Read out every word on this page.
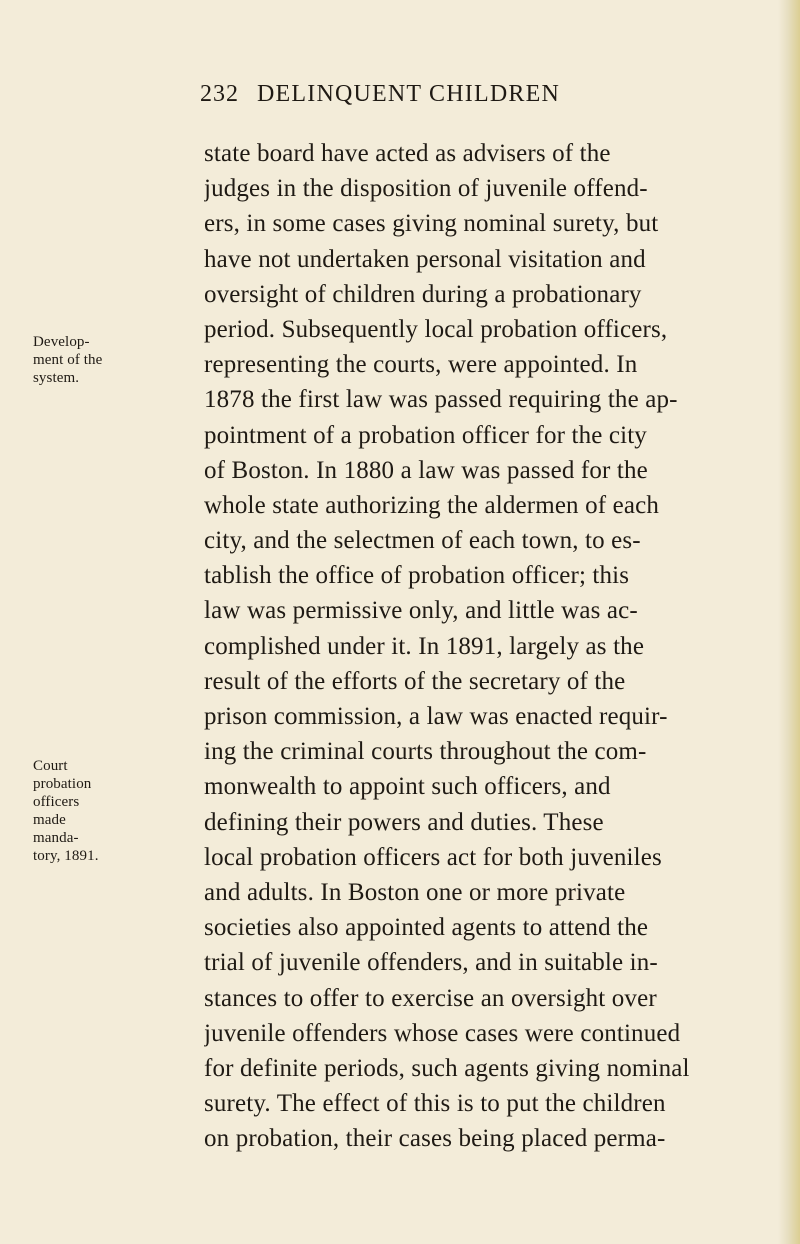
232 DELINQUENT CHILDREN
Develop-
ment of the
system.
Court
probation
officers
made
manda-
tory, 1891.
state board have acted as advisers of the
judges in the disposition of juvenile offend-
ers, in some cases giving nominal surety, but
have not undertaken personal visitation and
oversight of children during a probationary
period. Subsequently local probation officers,
representing the courts, were appointed. In
1878 the first law was passed requiring the ap-
pointment of a probation officer for the city
of Boston. In 1880 a law was passed for the
whole state authorizing the aldermen of each
city, and the selectmen of each town, to es-
tablish the office of probation officer; this
law was permissive only, and little was ac-
complished under it. In 1891, largely as the
result of the efforts of the secretary of the
prison commission, a law was enacted requir-
ing the criminal courts throughout the com-
monwealth to appoint such officers, and
defining their powers and duties. These
local probation officers act for both juveniles
and adults. In Boston one or more private
societies also appointed agents to attend the
trial of juvenile offenders, and in suitable in-
stances to offer to exercise an oversight over
juvenile offenders whose cases were continued
for definite periods, such agents giving nominal
surety. The effect of this is to put the children
on probation, their cases being placed perma-
